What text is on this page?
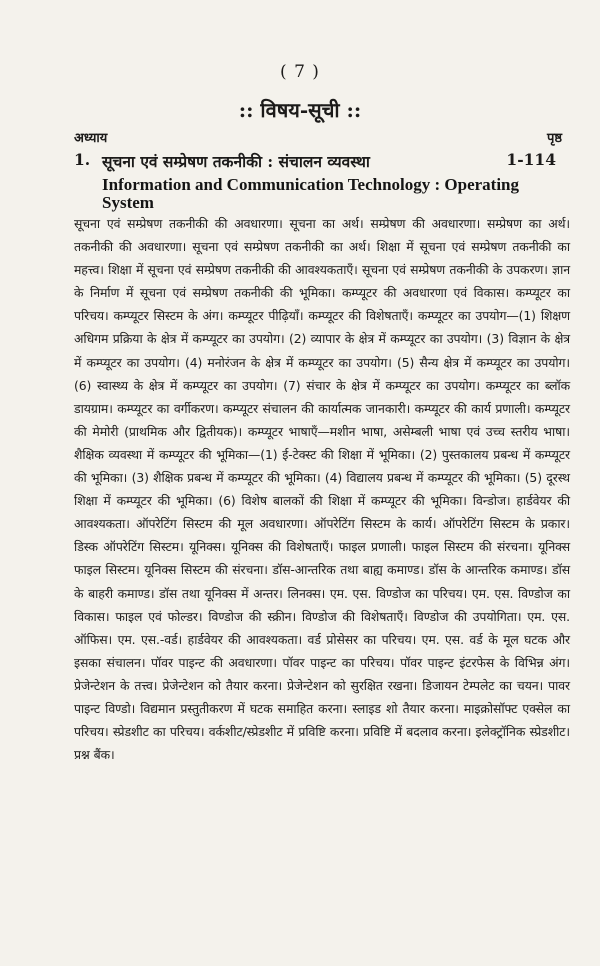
( 7 )
:: विषय-सूची ::
अध्याय	पृष्ठ
1. सूचना एवं सम्प्रेषण तकनीकी : संचालन व्यवस्था	1-114
Information and Communication Technology : Operating System
सूचना एवं सम्प्रेषण तकनीकी की अवधारणा। सूचना का अर्थ। सम्प्रेषण की अवधारणा। सम्प्रेषण का अर्थ। तकनीकी की अवधारणा। सूचना एवं सम्प्रेषण तकनीकी का अर्थ। शिक्षा में सूचना एवं सम्प्रेषण तकनीकी का महत्त्व। शिक्षा में सूचना एवं सम्प्रेषण तकनीकी की आवश्यकताएँ। सूचना एवं सम्प्रेषण तकनीकी के उपकरण। ज्ञान के निर्माण में सूचना एवं सम्प्रेषण तकनीकी की भूमिका। कम्प्यूटर की अवधारणा एवं विकास। कम्प्यूटर का परिचय। कम्प्यूटर सिस्टम के अंग। कम्प्यूटर पीढ़ियाँ। कम्प्यूटर की विशेषताएँ। कम्प्यूटर का उपयोग—(1) शिक्षण अधिगम प्रक्रिया के क्षेत्र में कम्प्यूटर का उपयोग। (2) व्यापार के क्षेत्र में कम्प्यूटर का उपयोग। (3) विज्ञान के क्षेत्र में कम्प्यूटर का उपयोग। (4) मनोरंजन के क्षेत्र में कम्प्यूटर का उपयोग। (5) सैन्य क्षेत्र में कम्प्यूटर का उपयोग। (6) स्वास्थ्य के क्षेत्र में कम्प्यूटर का उपयोग। (7) संचार के क्षेत्र में कम्प्यूटर का उपयोग। कम्प्यूटर का ब्लॉक डायग्राम। कम्प्यूटर का वर्गीकरण। कम्प्यूटर संचालन की कार्यात्मक जानकारी। कम्प्यूटर की कार्य प्रणाली। कम्प्यूटर की मेमोरी (प्राथमिक और द्वितीयक)। कम्प्यूटर भाषाएँ—मशीन भाषा, असेम्बली भाषा एवं उच्च स्तरीय भाषा। शैक्षिक व्यवस्था में कम्प्यूटर की भूमिका—(1) ई-टेक्स्ट की शिक्षा में भूमिका। (2) पुस्तकालय प्रबन्ध में कम्प्यूटर की भूमिका। (3) शैक्षिक प्रबन्ध में कम्प्यूटर की भूमिका। (4) विद्यालय प्रबन्ध में कम्प्यूटर की भूमिका। (5) दूरस्थ शिक्षा में कम्प्यूटर की भूमिका। (6) विशेष बालकों की शिक्षा में कम्प्यूटर की भूमिका। विन्डोज। हार्डवेयर की आवश्यकता। ऑपरेटिंग सिस्टम की मूल अवधारणा। ऑपरेटिंग सिस्टम के कार्य। ऑपरेटिंग सिस्टम के प्रकार। डिस्क ऑपरेटिंग सिस्टम। यूनिक्स। यूनिक्स की विशेषताएँ। फाइल प्रणाली। फाइल सिस्टम की संरचना। यूनिक्स फाइल सिस्टम। यूनिक्स सिस्टम की संरचना। डॉस-आन्तरिक तथा बाह्य कमाण्ड। डॉस के आन्तरिक कमाण्ड। डॉस के बाहरी कमाण्ड। डॉस तथा यूनिक्स में अन्तर। लिनक्स। एम. एस. विण्डोज का परिचय। एम. एस. विण्डोज का विकास। फाइल एवं फोल्डर। विण्डोज की स्क्रीन। विण्डोज की विशेषताएँ। विण्डोज की उपयोगिता। एम. एस. ऑफिस। एम. एस.-वर्ड। हार्डवेयर की आवश्यकता। वर्ड प्रोसेसर का परिचय। एम. एस. वर्ड के मूल घटक और इसका संचालन। पॉवर पाइन्ट की अवधारणा। पॉवर पाइन्ट का परिचय। पॉवर पाइन्ट इंटरफेस के विभिन्न अंग। प्रेजेन्टेशन के तत्त्व। प्रेजेन्टेशन को तैयार करना। प्रेजेन्टेशन को सुरक्षित रखना। डिजायन टेम्पलेट का चयन। पावर पाइन्ट विण्डो। विद्यमान प्रस्तुतीकरण में घटक समाहित करना। स्लाइड शो तैयार करना। माइक्रोसॉफ्ट एक्सेल का परिचय। स्प्रेडशीट का परिचय। वर्कशीट/स्प्रेडशीट में प्रविष्टि करना। प्रविष्टि में बदलाव करना। इलेक्ट्रॉनिक स्प्रेडशीट। प्रश्न बैंक।
